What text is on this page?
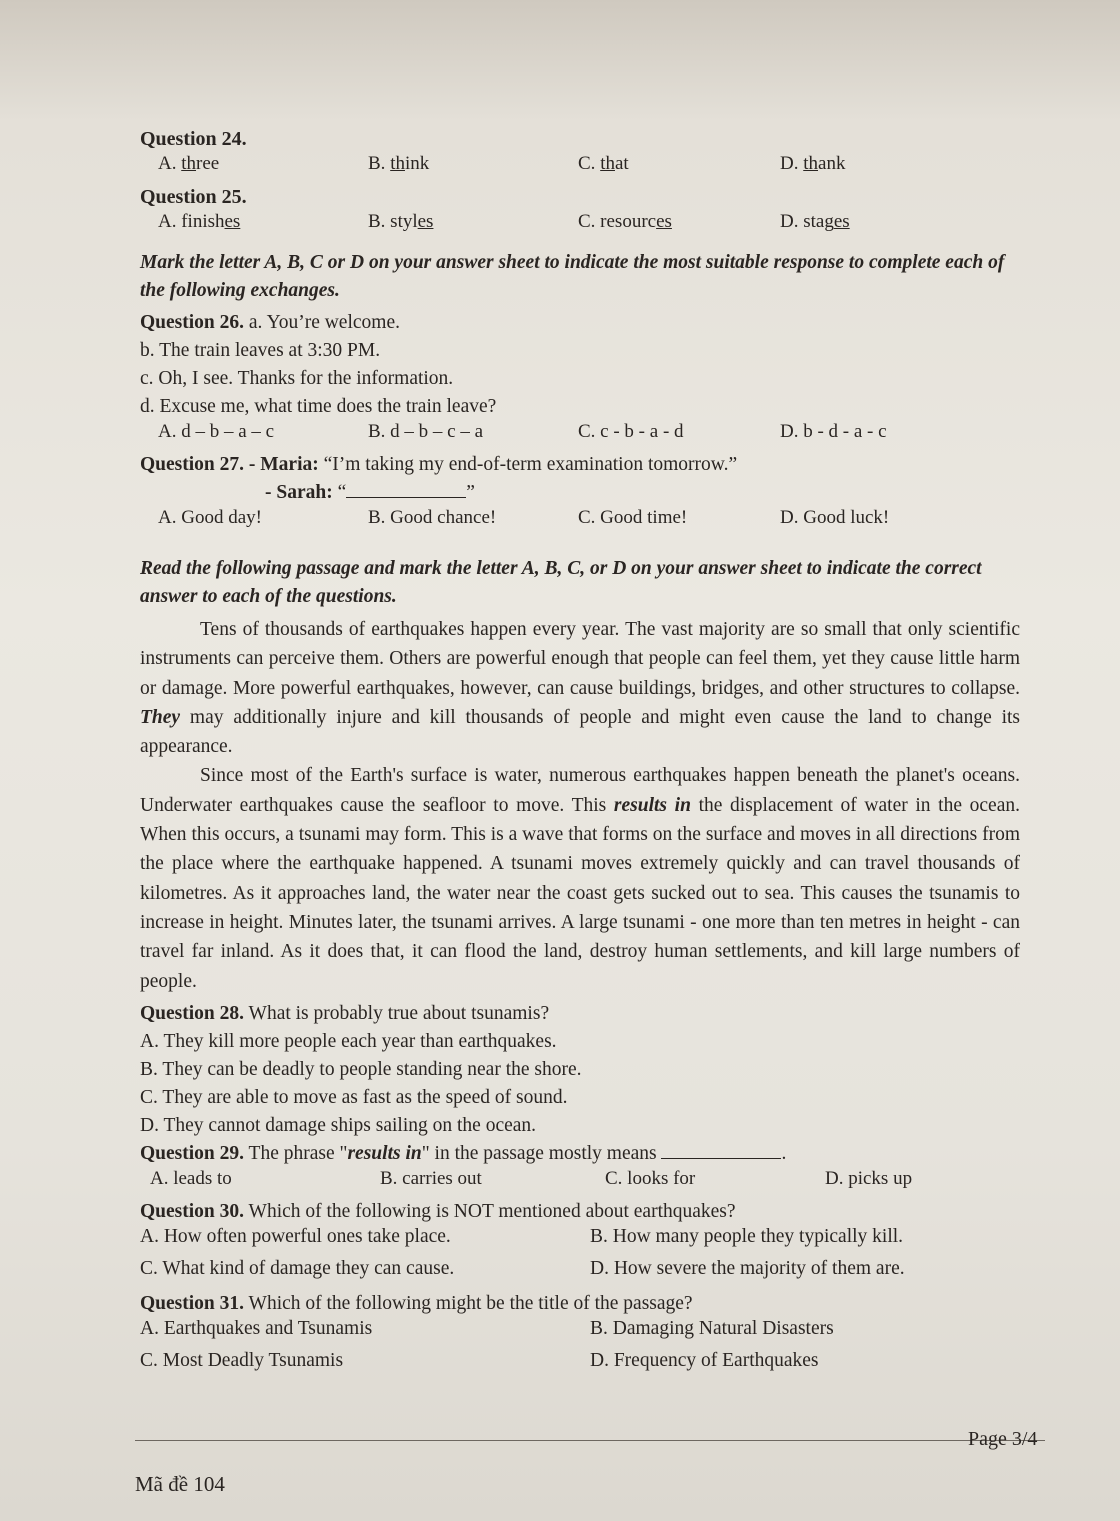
Question 24.

A. three	B. think	C. that	D. thank

Question 25.

A. finishes	B. styles	C. resources	D. stages

Mark the letter A, B, C or D on your answer sheet to indicate the most suitable response to complete each of the following exchanges.

Question 26. a. You’re welcome.

b. The train leaves at 3:30 PM.

c. Oh, I see. Thanks for the information.

d. Excuse me, what time does the train leave?

A. d – b – a – c	B. d – b – c – a	C. c - b - a - d	D. b - d - a - c

Question 27. - Maria: “I’m taking my end-of-term examination tomorrow.”

- Sarah: “	”

A. Good day!	B. Good chance!	C. Good time!	D. Good luck!

Read the following passage and mark the letter A, B, C, or D on your answer sheet to indicate the correct answer to each of the questions.

Tens of thousands of earthquakes happen every year. The vast majority are so small that only scientific instruments can perceive them. Others are powerful enough that people can feel them, yet they cause little harm or damage. More powerful earthquakes, however, can cause buildings, bridges, and other structures to collapse. They may additionally injure and kill thousands of people and might even cause the land to change its appearance.

Since most of the Earth's surface is water, numerous earthquakes happen beneath the planet's oceans. Underwater earthquakes cause the seafloor to move. This results in the displacement of water in the ocean. When this occurs, a tsunami may form. This is a wave that forms on the surface and moves in all directions from the place where the earthquake happened. A tsunami moves extremely quickly and can travel thousands of kilometres. As it approaches land, the water near the coast gets sucked out to sea. This causes the tsunamis to increase in height. Minutes later, the tsunami arrives. A large tsunami - one more than ten metres in height - can travel far inland. As it does that, it can flood the land, destroy human settlements, and kill large numbers of people.

Question 28. What is probably true about tsunamis?

A. They kill more people each year than earthquakes.

B. They can be deadly to people standing near the shore.

C. They are able to move as fast as the speed of sound.

D. They cannot damage ships sailing on the ocean.

Question 29. The phrase "results in" in the passage mostly means	.

A. leads to	B. carries out	C. looks for	D. picks up

Question 30. Which of the following is NOT mentioned about earthquakes?

A. How often powerful ones take place.	B. How many people they typically kill.
C. What kind of damage they can cause.	D. How severe the majority of them are.

Question 31. Which of the following might be the title of the passage?

A. Earthquakes and Tsunamis	B. Damaging Natural Disasters
C. Most Deadly Tsunamis	D. Frequency of Earthquakes
Page 3/4
Mã đề 104
